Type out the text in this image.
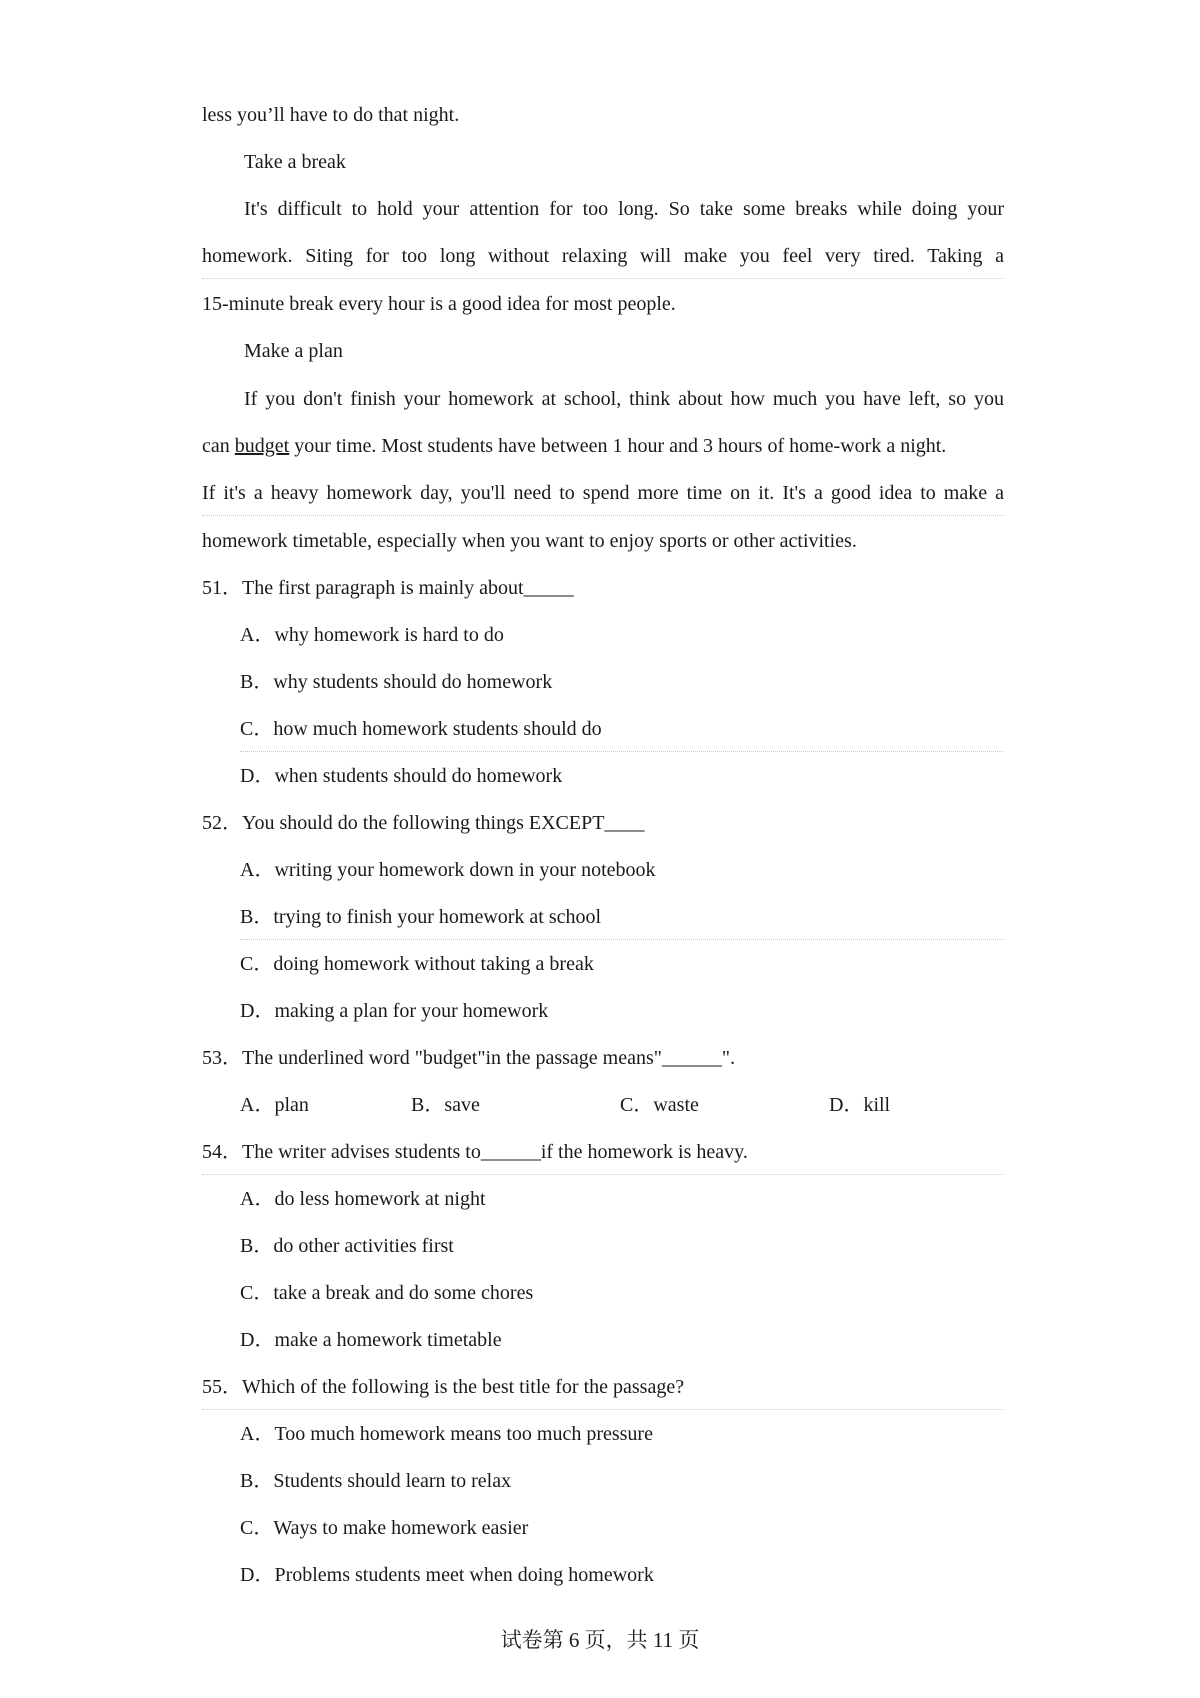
less you’ll have to do that night.
Take a break
It's difficult to hold your attention for too long. So take some breaks while doing your
homework. Siting for too long without relaxing will make you feel very tired. Taking a
15-minute break every hour is a good idea for most people.
Make a plan
If you don't finish your homework at school, think about how much you have left, so you
can budget your time. Most students have between 1 hour and 3 hours of home-work a night.
If it's a heavy homework day, you'll need to spend more time on it. It's a good idea to make a
homework timetable, especially when you want to enjoy sports or other activities.
51．The first paragraph is mainly about_____
A．why homework is hard to do
B．why students should do homework
C．how much homework students should do
D．when students should do homework
52．You should do the following things EXCEPT____
A．writing your homework down in your notebook
B．trying to finish your homework at school
C．doing homework without taking a break
D．making a plan for your homework
53．The underlined word "budget"in the passage means"______".
A．plan	B．save	C．waste	D．kill
54．The writer advises students to______if the homework is heavy.
A．do less homework at night
B．do other activities first
C．take a break and do some chores
D．make a homework timetable
55．Which of the following is the best title for the passage?
A．Too much homework means too much pressure
B．Students should learn to relax
C．Ways to make homework easier
D．Problems students meet when doing homework
试卷第 6 页，共 11 页
